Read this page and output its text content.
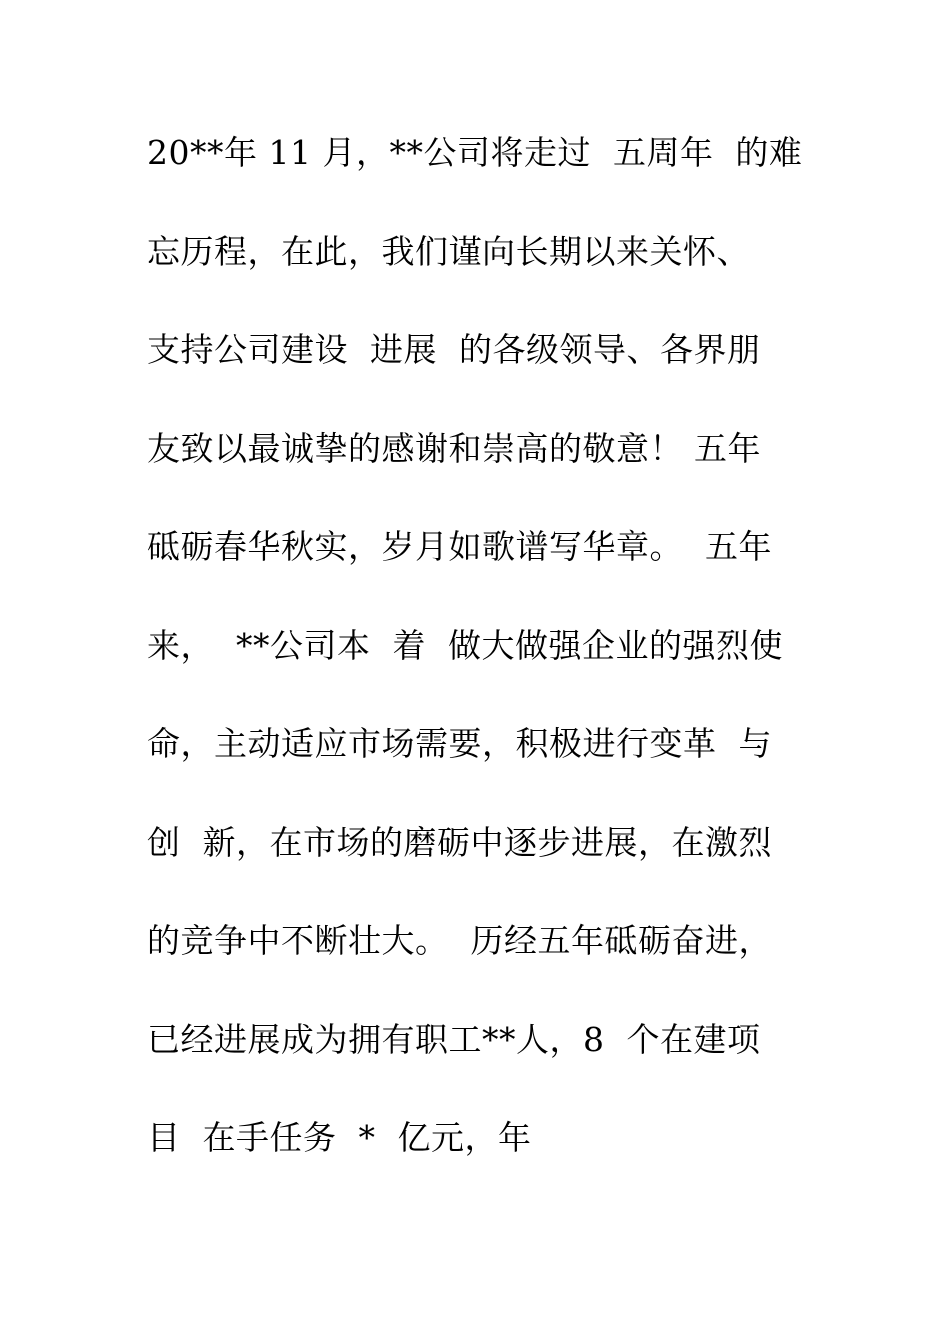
20**年 11 月，**公司将走过  五周年  的难
忘历程，在此，我们谨向长期以来关怀、
支持公司建设  进展  的各级领导、各界朋
友致以最诚挚的感谢和崇高的敬意！ 五年
砥砺春华秋实，岁月如歌谱写华章。  五年
来，  **公司本  着  做大做强企业的强烈使
命，主动适应市场需要，积极进行变革  与
创  新，在市场的磨砺中逐步进展，在激烈
的竞争中不断壮大。  历经五年砥砺奋进，
已经进展成为拥有职工**人，8  个在建项
目  在手任务  *  亿元，年
